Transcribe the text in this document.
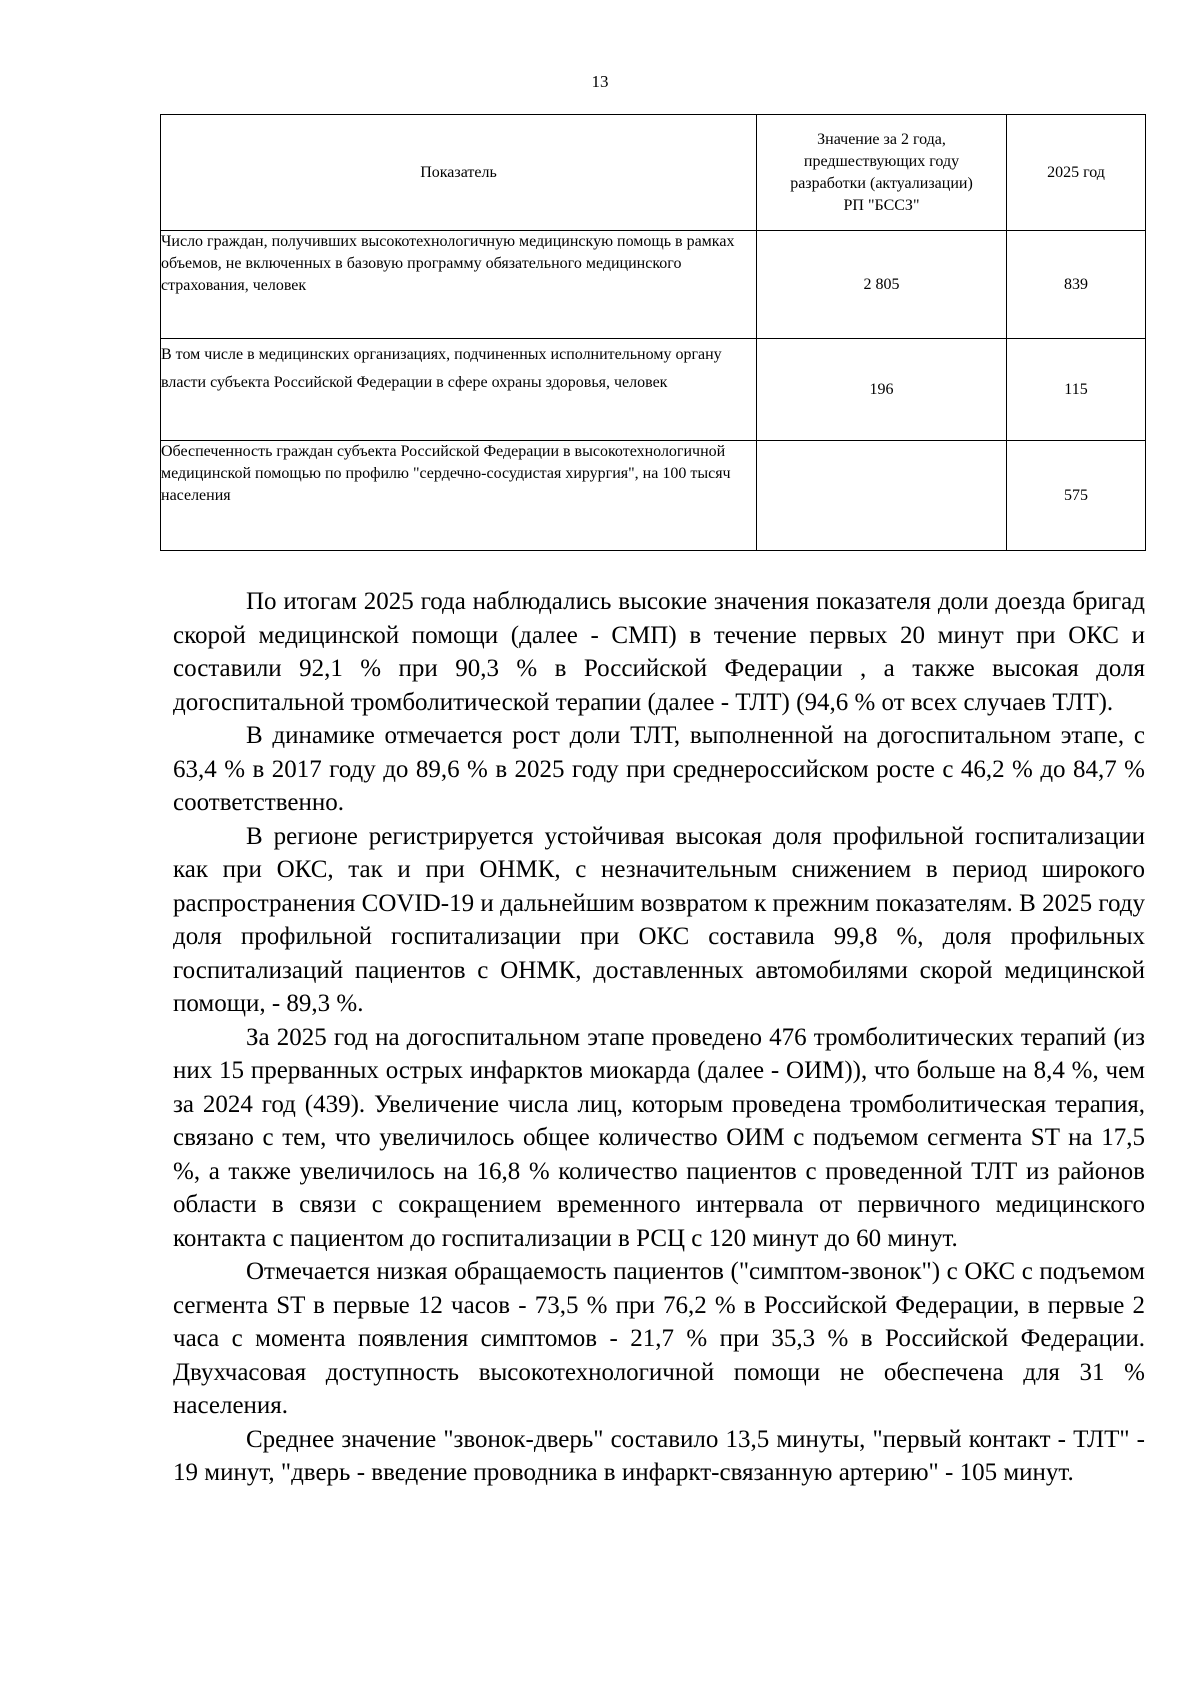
13
Показатель	Значение за 2 года, предшествующих году разработки (актуализации) РП "БССЗ"	2025 год
Число граждан, получивших высокотехнологичную медицинскую помощь в рамках объемов, не включенных в базовую программу обязательного медицинского страхования, человек	2 805	839
В том числе в медицинских организациях, подчиненных исполнительному органу власти субъекта Российской Федерации в сфере охраны здоровья, человек	196	115
Обеспеченность граждан субъекта Российской Федерации в высокотехнологичной медицинской помощью по профилю "сердечно-сосудистая хирургия", на 100 тысяч населения		575

По итогам 2025 года наблюдались высокие значения показателя доли доезда бригад скорой медицинской помощи (далее - СМП) в течение первых 20 минут при ОКС и составили 92,1 % при 90,3 % в Российской Федерации , а также высокая доля догоспитальной тромболитической терапии (далее - ТЛТ) (94,6 % от всех случаев ТЛТ).

В динамике отмечается рост доли ТЛТ, выполненной на догоспитальном этапе, с 63,4 % в 2017 году до 89,6 % в 2025 году при среднероссийском росте с 46,2 % до 84,7 % соответственно.

В регионе регистрируется устойчивая высокая доля профильной госпитализации как при ОКС, так и при ОНМК, с незначительным снижением в период широкого распространения COVID-19 и дальнейшим возвратом к прежним показателям. В 2025 году доля профильной госпитализации при ОКС составила 99,8 %, доля профильных госпитализаций пациентов с ОНМК, доставленных автомобилями скорой медицинской помощи, - 89,3 %.

За 2025 год на догоспитальном этапе проведено 476 тромболитических терапий (из них 15 прерванных острых инфарктов миокарда (далее - ОИМ)), что больше на 8,4 %, чем за 2024 год (439). Увеличение числа лиц, которым проведена тромболитическая терапия, связано с тем, что увеличилось общее количество ОИМ с подъемом сегмента ST на 17,5 %, а также увеличилось на 16,8 % количество пациентов с проведенной ТЛТ из районов области в связи с сокращением временного интервала от первичного медицинского контакта с пациентом до госпитализации в РСЦ с 120 минут до 60 минут.

Отмечается низкая обращаемость пациентов ("симптом-звонок") с ОКС с подъемом сегмента ST в первые 12 часов - 73,5 % при 76,2 % в Российской Федерации, в первые 2 часа с момента появления симптомов - 21,7 % при 35,3 % в Российской Федерации. Двухчасовая доступность высокотехнологичной помощи не обеспечена для 31 % населения.

Среднее значение "звонок-дверь" составило 13,5 минуты, "первый контакт - ТЛТ" - 19 минут, "дверь - введение проводника в инфаркт-связанную артерию" - 105 минут.
